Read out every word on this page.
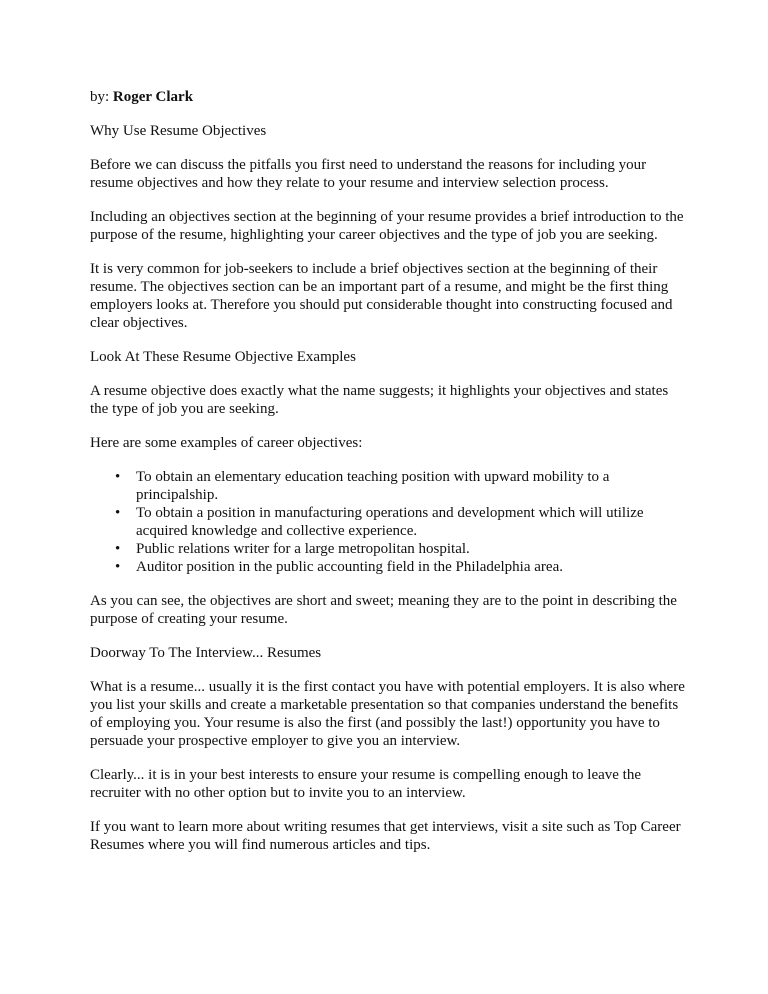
by: Roger Clark
Why Use Resume Objectives

Before we can discuss the pitfalls you first need to understand the reasons for including your resume objectives and how they relate to your resume and interview selection process.

Including an objectives section at the beginning of your resume provides a brief introduction to the purpose of the resume, highlighting your career objectives and the type of job you are seeking.

It is very common for job-seekers to include a brief objectives section at the beginning of their resume. The objectives section can be an important part of a resume, and might be the first thing employers looks at. Therefore you should put considerable thought into constructing focused and clear objectives.

Look At These Resume Objective Examples

A resume objective does exactly what the name suggests; it highlights your objectives and states the type of job you are seeking.

Here are some examples of career objectives:

• To obtain an elementary education teaching position with upward mobility to a principalship.
• To obtain a position in manufacturing operations and development which will utilize acquired knowledge and collective experience.
• Public relations writer for a large metropolitan hospital.
• Auditor position in the public accounting field in the Philadelphia area.

As you can see, the objectives are short and sweet; meaning they are to the point in describing the purpose of creating your resume.

Doorway To The Interview... Resumes

What is a resume... usually it is the first contact you have with potential employers. It is also where you list your skills and create a marketable presentation so that companies understand the benefits of employing you. Your resume is also the first (and possibly the last!) opportunity you have to persuade your prospective employer to give you an interview.

Clearly... it is in your best interests to ensure your resume is compelling enough to leave the recruiter with no other option but to invite you to an interview.

If you want to learn more about writing resumes that get interviews, visit a site such as Top Career Resumes where you will find numerous articles and tips.
